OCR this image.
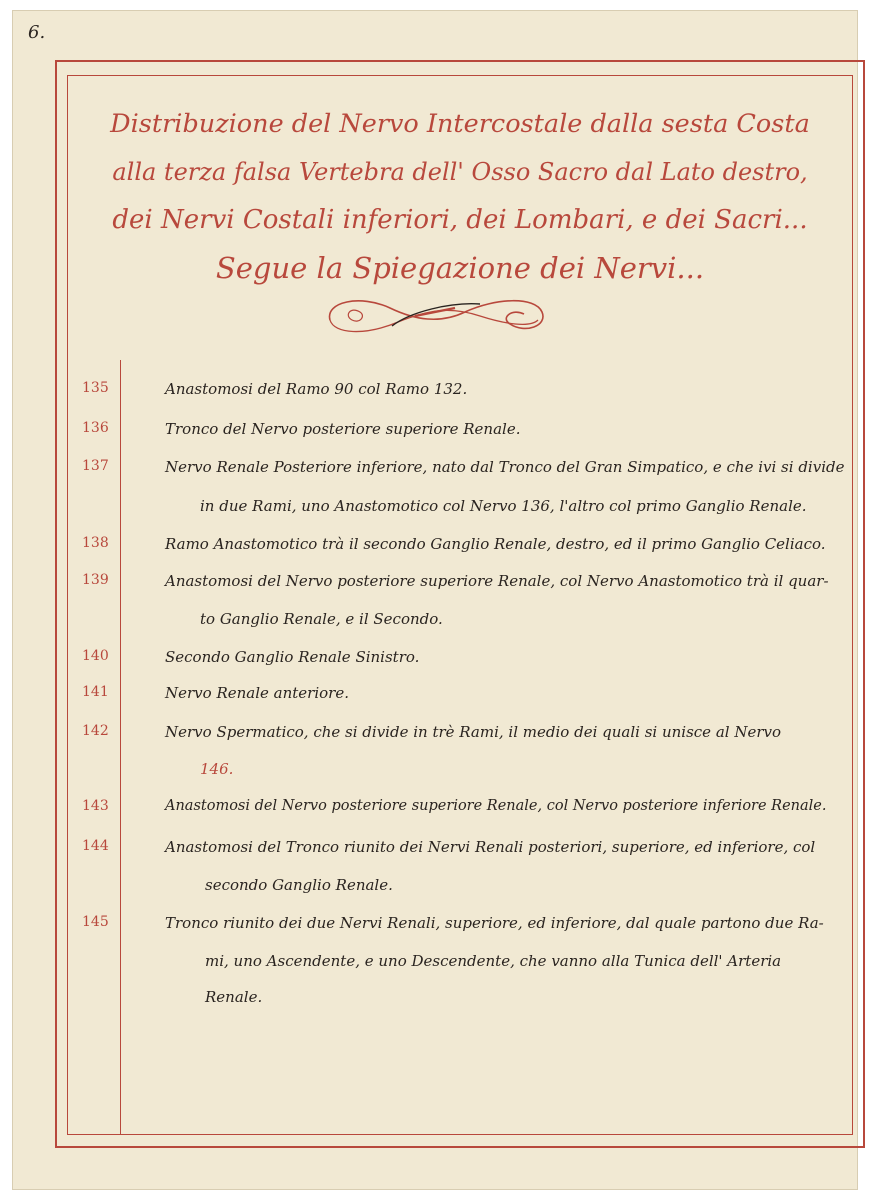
6.
Distribuzione del Nervo Intercostale dalla sesta Costa
alla terza falsa Vertebra dell' Osso Sacro dal Lato destro,
dei Nervi Costali inferiori, dei Lombari, e dei Sacri...
Segue la Spiegazione dei Nervi...
135	Anastomosi del Ramo 90 col Ramo 132.
136	Tronco del Nervo posteriore superiore Renale.
137	Nervo Renale Posteriore inferiore, nato dal Tronco del Gran Simpatico, e che ivi si divide
in due Rami, uno Anastomotico col Nervo 136, l'altro col primo Ganglio Renale.
138	Ramo Anastomotico trà il secondo Ganglio Renale, destro, ed il primo Ganglio Celiaco.
139	Anastomosi del Nervo posteriore superiore Renale, col Nervo Anastomotico trà il quar-
to Ganglio Renale, e il Secondo.
140	Secondo Ganglio Renale Sinistro.
141	Nervo Renale anteriore.
142	Nervo Spermatico, che si divide in trè Rami, il medio dei quali si unisce al Nervo
146.
143	Anastomosi del Nervo posteriore superiore Renale, col Nervo posteriore inferiore Renale.
144	Anastomosi del Tronco riunito dei Nervi Renali posteriori, superiore, ed inferiore, col
secondo Ganglio Renale.
145	Tronco riunito dei due Nervi Renali, superiore, ed inferiore, dal quale partono due Ra-
mi, uno Ascendente, e uno Descendente, che vanno alla Tunica dell' Arteria
Renale.
